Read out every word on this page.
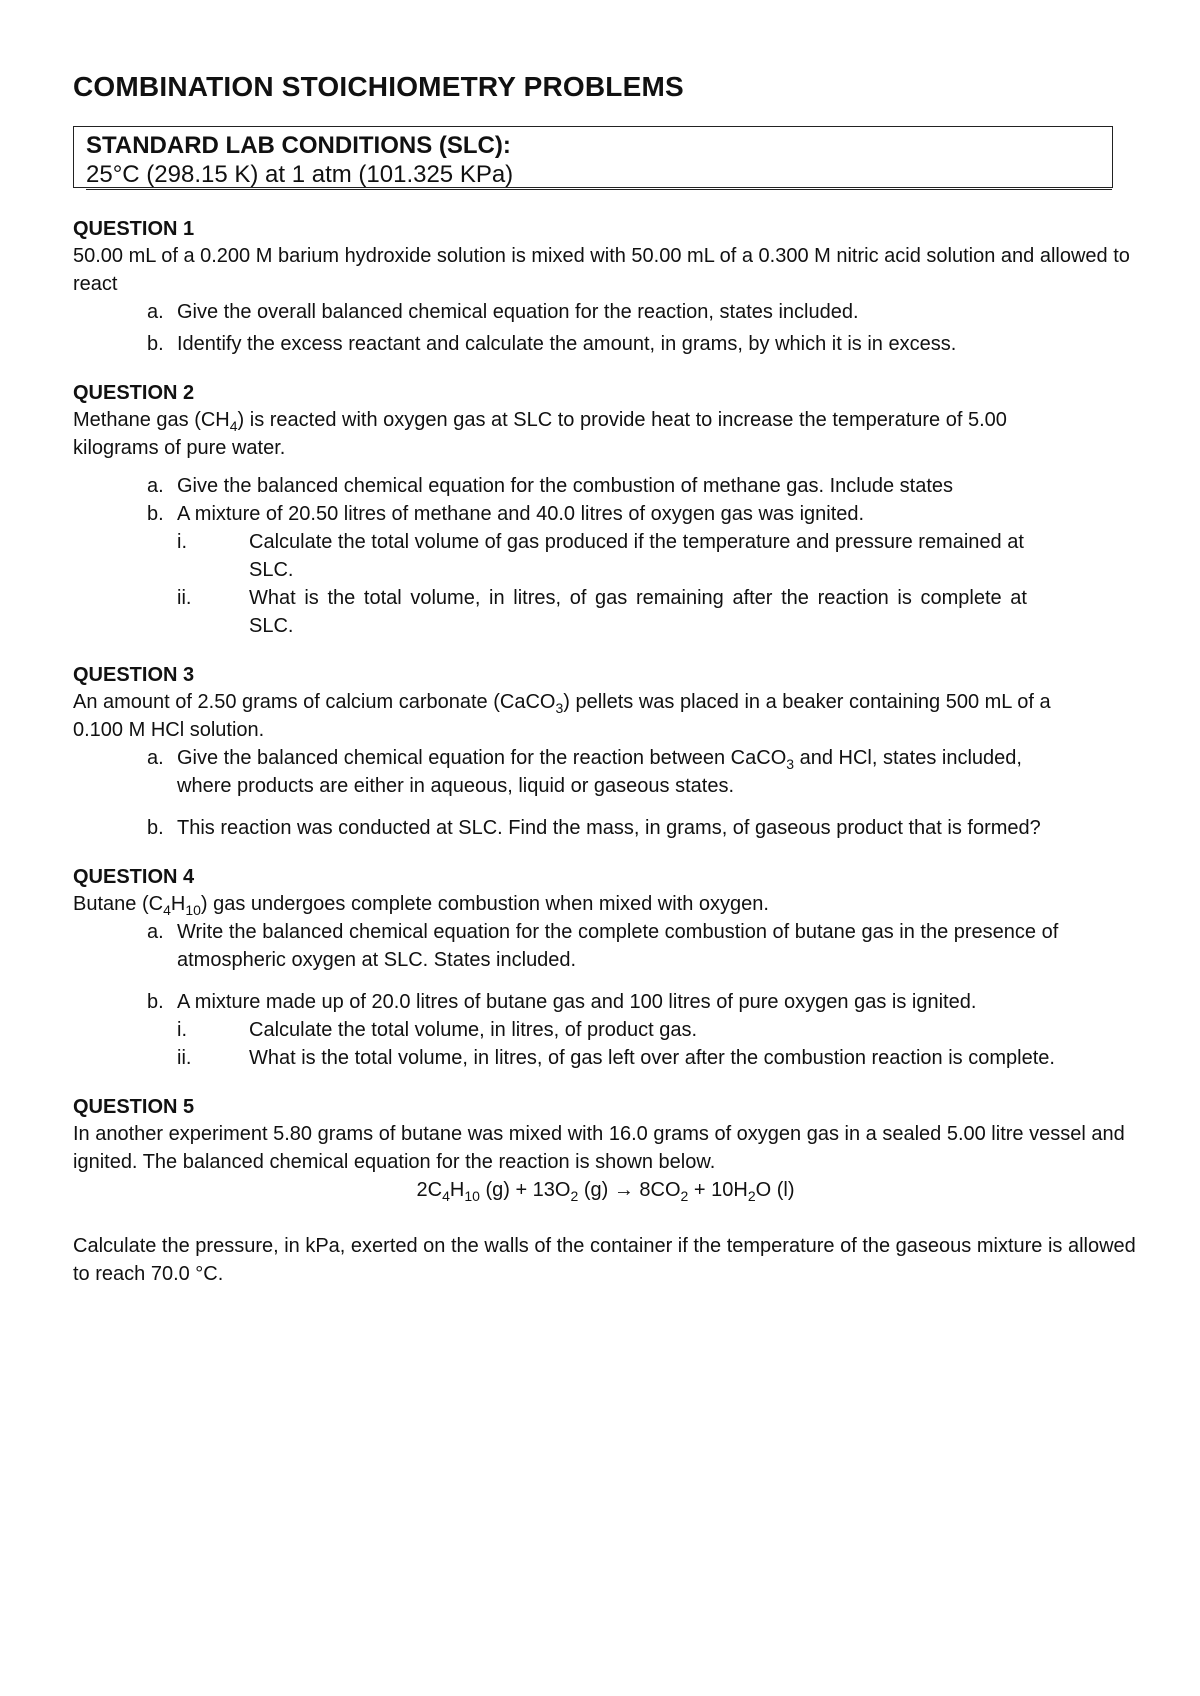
COMBINATION STOICHIOMETRY PROBLEMS
STANDARD LAB CONDITIONS (SLC):
25°C (298.15 K) at 1 atm (101.325 KPa)
QUESTION 1
50.00 mL of a 0.200 M barium hydroxide solution is mixed with 50.00 mL of a 0.300 M nitric acid solution and allowed to react
a. Give the overall balanced chemical equation for the reaction, states included.
b. Identify the excess reactant and calculate the amount, in grams, by which it is in excess.
QUESTION 2
Methane gas $(CH_4)$ is reacted with oxygen gas at SLC to provide heat to increase the temperature of 5.00 kilograms of pure water.
a. Give the balanced chemical equation for the combustion of methane gas. Include states
b. A mixture of 20.50 litres of methane and 40.0 litres of oxygen gas was ignited.
i.	Calculate the total volume of gas produced if the temperature and pressure remained at SLC.
ii.	What is the total volume, in litres, of gas remaining after the reaction is complete at SLC.
QUESTION 3
An amount of 2.50 grams of calcium carbonate (CaCO$_3$) pellets was placed in a beaker containing 500 mL of a 0.100 M HCl solution.
a. Give the balanced chemical equation for the reaction between CaCO$_3$ and HCl, states included, where products are either in aqueous, liquid or gaseous states.
b. This reaction was conducted at SLC. Find the mass, in grams, of gaseous product that is formed?
QUESTION 4
Butane $(C_4H_{10})$ gas undergoes complete combustion when mixed with oxygen.
a. Write the balanced chemical equation for the complete combustion of butane gas in the presence of atmospheric oxygen at SLC. States included.
b. A mixture made up of 20.0 litres of butane gas and 100 litres of pure oxygen gas is ignited.
i.	Calculate the total volume, in litres, of product gas.
ii.	What is the total volume, in litres, of gas left over after the combustion reaction is complete.
QUESTION 5
In another experiment 5.80 grams of butane was mixed with 16.0 grams of oxygen gas in a sealed 5.00 litre vessel and ignited. The balanced chemical equation for the reaction is shown below.
$2C_4H_{10}$ $(g) + 13O_2$ $(g) \to 8CO_2 + 10H_2O$ (l)
Calculate the pressure, in kPa, exerted on the walls of the container if the temperature of the gaseous mixture is allowed to reach 70.0 °C.
